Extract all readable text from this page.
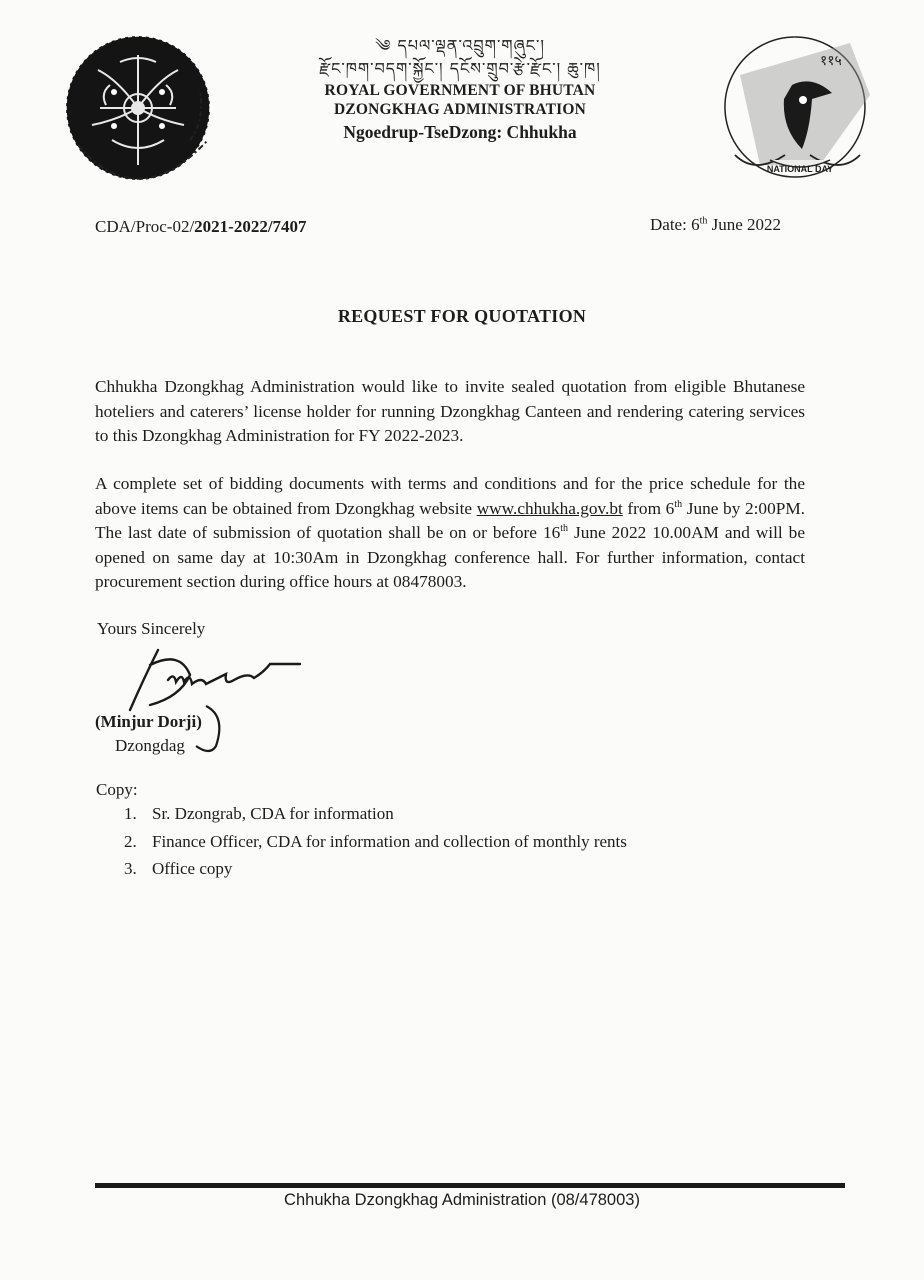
༄ དཔལ་ལྡན་འབྲུག་གཞུང་།
རྫོང་ཁག་བདག་སྐྱོང་། དངོས་གྲུབ་རྩེ་རྫོང་། ཆུ་ཁ།
ROYAL GOVERNMENT OF BHUTAN
DZONGKHAG ADMINISTRATION
Ngoedrup-TseDzong: Chhukha
NATIONAL DAY
११५
CDA/Proc-02/2021-2022/7407	Date: 6th June 2022
REQUEST FOR QUOTATION
Chhukha Dzongkhag Administration would like to invite sealed quotation from eligible Bhutanese hoteliers and caterers’ license holder for running Dzongkhag Canteen and rendering catering services to this Dzongkhag Administration for FY 2022-2023.
A complete set of bidding documents with terms and conditions and for the price schedule for the above items can be obtained from Dzongkhag website www.chhukha.gov.bt from 6th June by 2:00PM. The last date of submission of quotation shall be on or before 16th June 2022 10.00AM and will be opened on same day at 10:30Am in Dzongkhag conference hall. For further information, contact procurement section during office hours at 08478003.
Yours Sincerely
(Minjur Dorji)
Dzongdag
Copy:
1. Sr. Dzongrab, CDA for information
2. Finance Officer, CDA for information and collection of monthly rents
3. Office copy
Chhukha Dzongkhag Administration (08/478003)
